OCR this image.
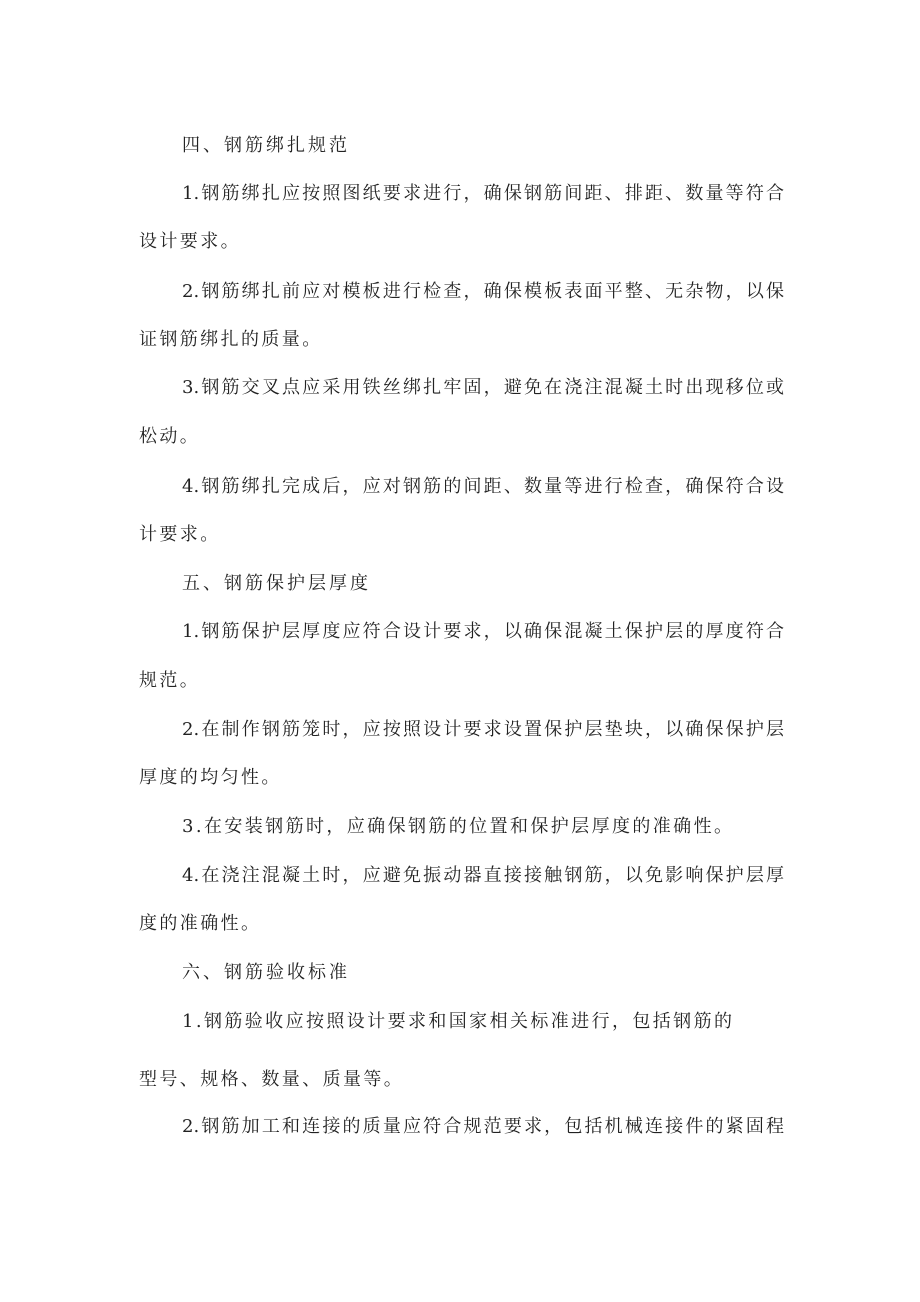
四、钢筋绑扎规范
1.钢筋绑扎应按照图纸要求进行，确保钢筋间距、排距、数量等符合
设计要求。
2.钢筋绑扎前应对模板进行检查，确保模板表面平整、无杂物，以保
证钢筋绑扎的质量。
3.钢筋交叉点应采用铁丝绑扎牢固，避免在浇注混凝土时出现移位或
松动。
4.钢筋绑扎完成后，应对钢筋的间距、数量等进行检查，确保符合设
计要求。
五、钢筋保护层厚度
1.钢筋保护层厚度应符合设计要求，以确保混凝土保护层的厚度符合
规范。
2.在制作钢筋笼时，应按照设计要求设置保护层垫块，以确保保护层
厚度的均匀性。
3.在安装钢筋时，应确保钢筋的位置和保护层厚度的准确性。
4.在浇注混凝土时，应避免振动器直接接触钢筋，以免影响保护层厚
度的准确性。
六、钢筋验收标准
1.钢筋验收应按照设计要求和国家相关标准进行，包括钢筋的
型号、规格、数量、质量等。
2.钢筋加工和连接的质量应符合规范要求，包括机械连接件的紧固程
